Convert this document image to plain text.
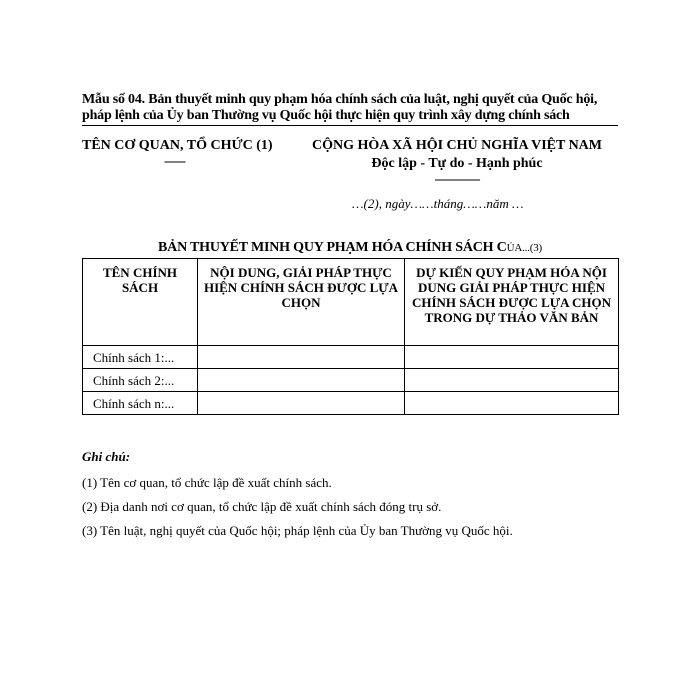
Mẫu số 04. Bản thuyết minh quy phạm hóa chính sách của luật, nghị quyết của Quốc hội, pháp lệnh của Ủy ban Thường vụ Quốc hội thực hiện quy trình xây dựng chính sách

TÊN CƠ QUAN, TỔ CHỨC (1)
-------
CỘNG HÒA XÃ HỘI CHỦ NGHĨA VIỆT NAM
Độc lập - Tự do - Hạnh phúc
---------------
…(2), ngày……tháng……năm …
BẢN THUYẾT MINH QUY PHẠM HÓA CHÍNH SÁCH CỦA...(3)
TÊN CHÍNH SÁCH	NỘI DUNG, GIẢI PHÁP THỰC HIỆN CHÍNH SÁCH ĐƯỢC LỰA CHỌN	DỰ KIẾN QUY PHẠM HÓA NỘI DUNG GIẢI PHÁP THỰC HIỆN CHÍNH SÁCH ĐƯỢC LỰA CHỌN TRONG DỰ THẢO VĂN BẢN
Chính sách 1:...		
Chính sách 2:...		
Chính sách n:...		
Ghi chú:
(1) Tên cơ quan, tổ chức lập đề xuất chính sách.
(2) Địa danh nơi cơ quan, tổ chức lập đề xuất chính sách đóng trụ sở.
(3) Tên luật, nghị quyết của Quốc hội; pháp lệnh của Ủy ban Thường vụ Quốc hội.
